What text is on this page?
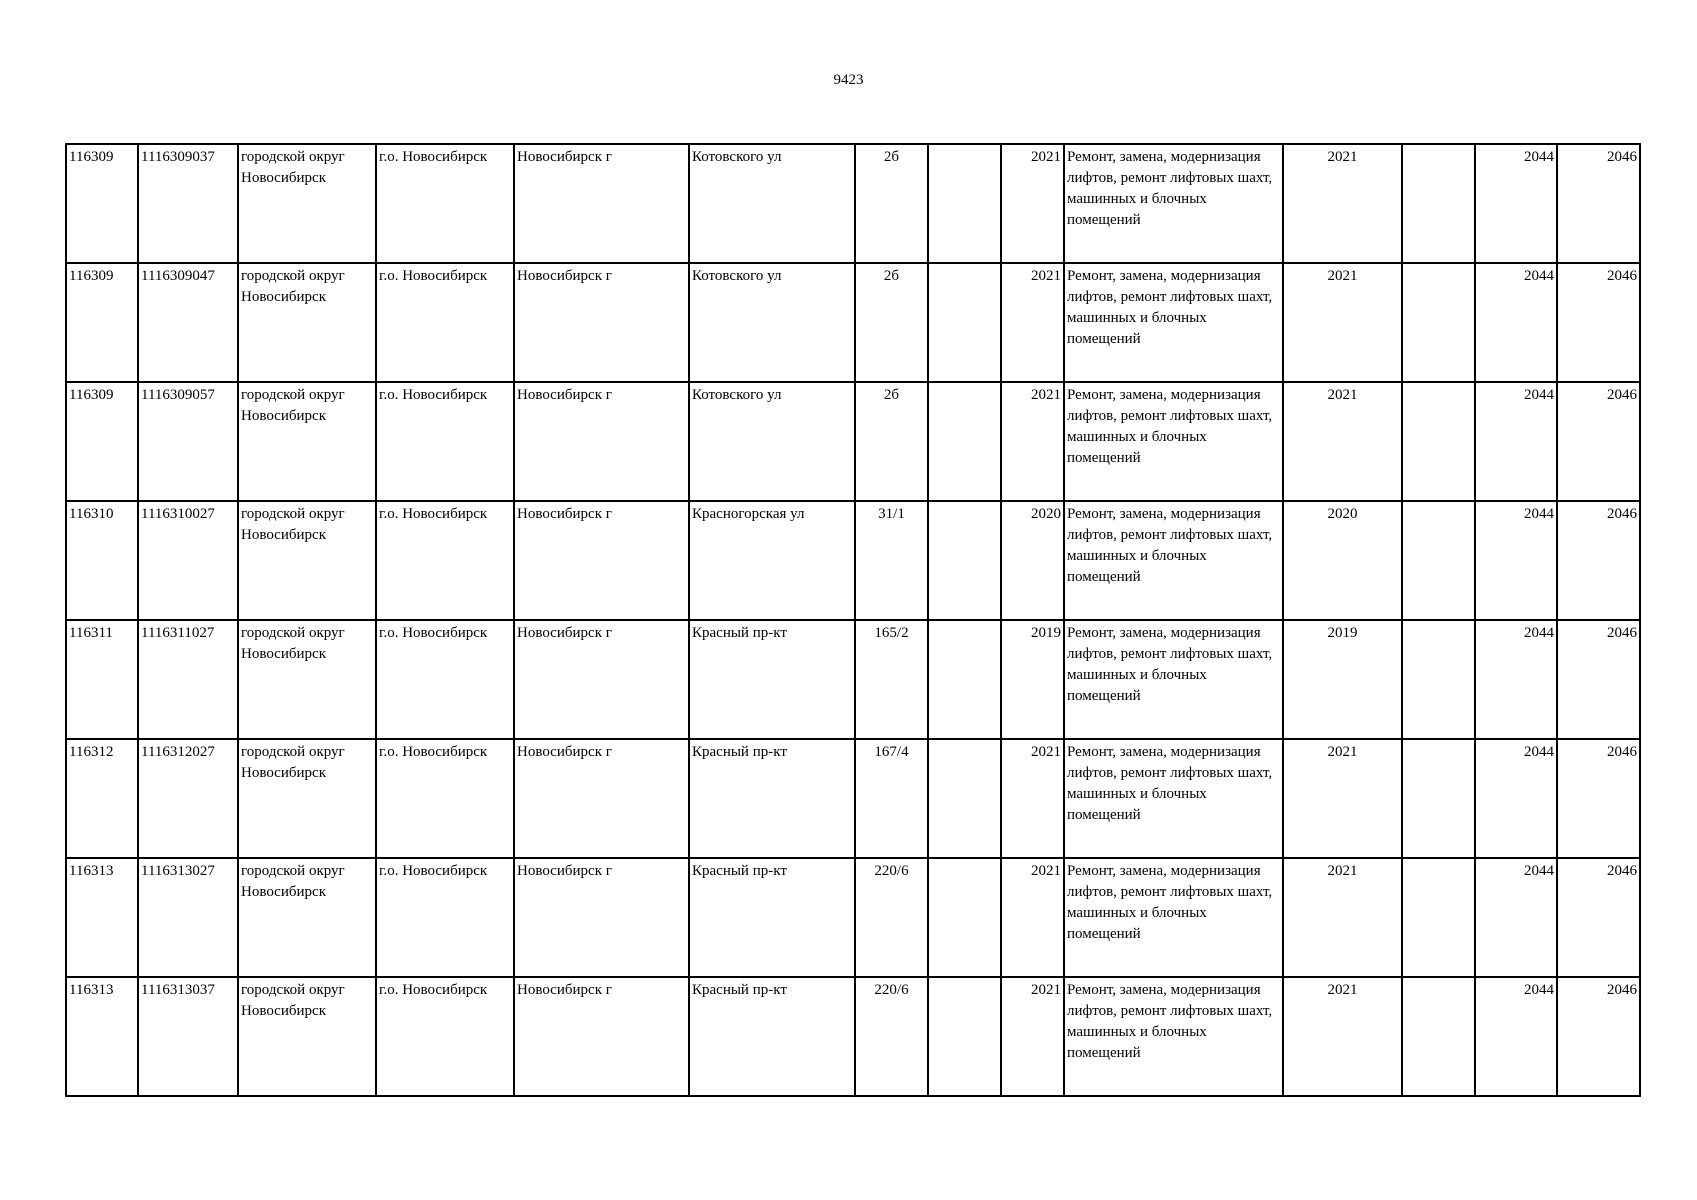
9423
116309	1116309037	городской округ Новосибирск	г.о. Новосибирск	Новосибирск г	Котовского ул	2б		2021	Ремонт, замена, модернизация лифтов, ремонт лифтовых шахт, машинных и блочных помещений	2021		2044	2046
116309	1116309047	городской округ Новосибирск	г.о. Новосибирск	Новосибирск г	Котовского ул	2б		2021	Ремонт, замена, модернизация лифтов, ремонт лифтовых шахт, машинных и блочных помещений	2021		2044	2046
116309	1116309057	городской округ Новосибирск	г.о. Новосибирск	Новосибирск г	Котовского ул	2б		2021	Ремонт, замена, модернизация лифтов, ремонт лифтовых шахт, машинных и блочных помещений	2021		2044	2046
116310	1116310027	городской округ Новосибирск	г.о. Новосибирск	Новосибирск г	Красногорская ул	31/1		2020	Ремонт, замена, модернизация лифтов, ремонт лифтовых шахт, машинных и блочных помещений	2020		2044	2046
116311	1116311027	городской округ Новосибирск	г.о. Новосибирск	Новосибирск г	Красный пр-кт	165/2		2019	Ремонт, замена, модернизация лифтов, ремонт лифтовых шахт, машинных и блочных помещений	2019		2044	2046
116312	1116312027	городской округ Новосибирск	г.о. Новосибирск	Новосибирск г	Красный пр-кт	167/4		2021	Ремонт, замена, модернизация лифтов, ремонт лифтовых шахт, машинных и блочных помещений	2021		2044	2046
116313	1116313027	городской округ Новосибирск	г.о. Новосибирск	Новосибирск г	Красный пр-кт	220/6		2021	Ремонт, замена, модернизация лифтов, ремонт лифтовых шахт, машинных и блочных помещений	2021		2044	2046
116313	1116313037	городской округ Новосибирск	г.о. Новосибирск	Новосибирск г	Красный пр-кт	220/6		2021	Ремонт, замена, модернизация лифтов, ремонт лифтовых шахт, машинных и блочных помещений	2021		2044	2046
